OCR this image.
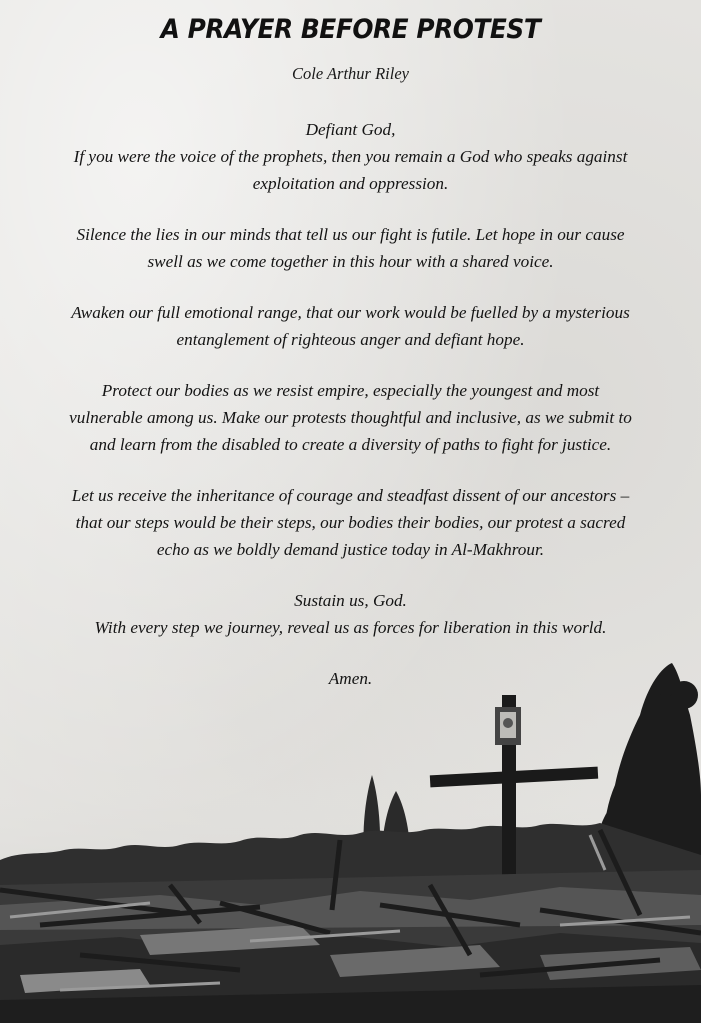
A PRAYER BEFORE PROTEST
Cole Arthur Riley

Defiant God,
If you were the voice of the prophets, then you remain a God who speaks against
exploitation and oppression.

Silence the lies in our minds that tell us our fight is futile. Let hope in our cause
swell as we come together in this hour with a shared voice.

Awaken our full emotional range, that our work would be fuelled by a mysterious
entanglement of righteous anger and defiant hope.

Protect our bodies as we resist empire, especially the youngest and most
vulnerable among us. Make our protests thoughtful and inclusive, as we submit to
and learn from the disabled to create a diversity of paths to fight for justice.

Let us receive the inheritance of courage and steadfast dissent of our ancestors –
that our steps would be their steps, our bodies their bodies, our protest a sacred
echo as we boldly demand justice today in Al-Makhrour.

Sustain us, God.
With every step we journey, reveal us as forces for liberation in this world.

Amen.
